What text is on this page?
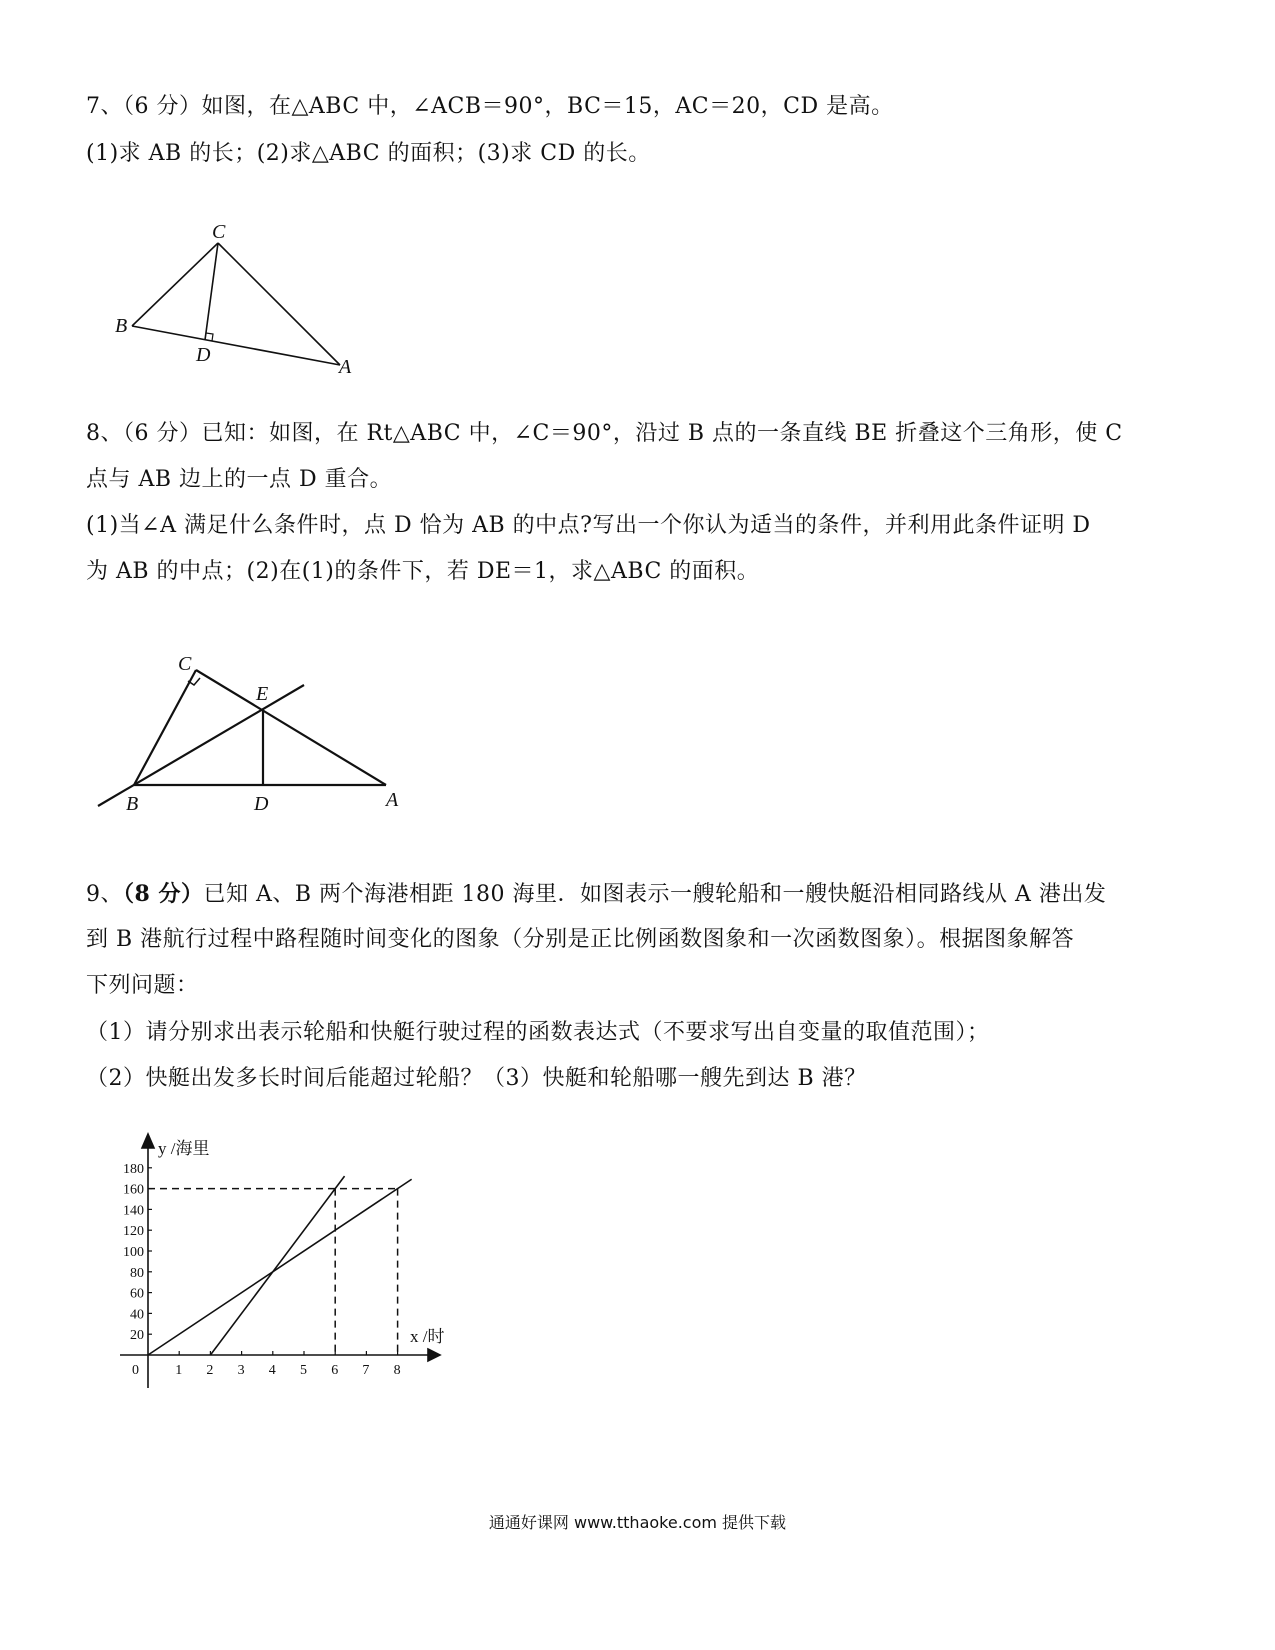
7、（6 分）如图，在△ABC 中，∠ACB＝90°，BC＝15，AC＝20，CD 是高。
(1)求 AB 的长；(2)求△ABC 的面积；(3)求 CD 的长。
C
B
D
A
8、（6 分）已知：如图，在 Rt△ABC 中，∠C＝90°，沿过 B 点的一条直线 BE 折叠这个三角形，使 C
点与 AB 边上的一点 D 重合。
(1)当∠A 满足什么条件时，点 D 恰为 AB 的中点?写出一个你认为适当的条件，并利用此条件证明 D
为 AB 的中点；(2)在(1)的条件下，若 DE＝1，求△ABC 的面积。
C
E
B	D	A
9、（8 分）已知 A、B 两个海港相距 180 海里．如图表示一艘轮船和一艘快艇沿相同路线从 A 港出发
到 B 港航行过程中路程随时间变化的图象（分别是正比例函数图象和一次函数图象）。根据图象解答
下列问题：
（1）请分别求出表示轮船和快艇行驶过程的函数表达式（不要求写出自变量的取值范围）；
（2）快艇出发多长时间后能超过轮船？（3）快艇和轮船哪一艘先到达 B 港？
1 2 3 4 5 6 7 8
20
40
60
80
100
120
140
160
180
y /海里
x /时
0
通通好课网 www.tthaoke.com 提供下载
